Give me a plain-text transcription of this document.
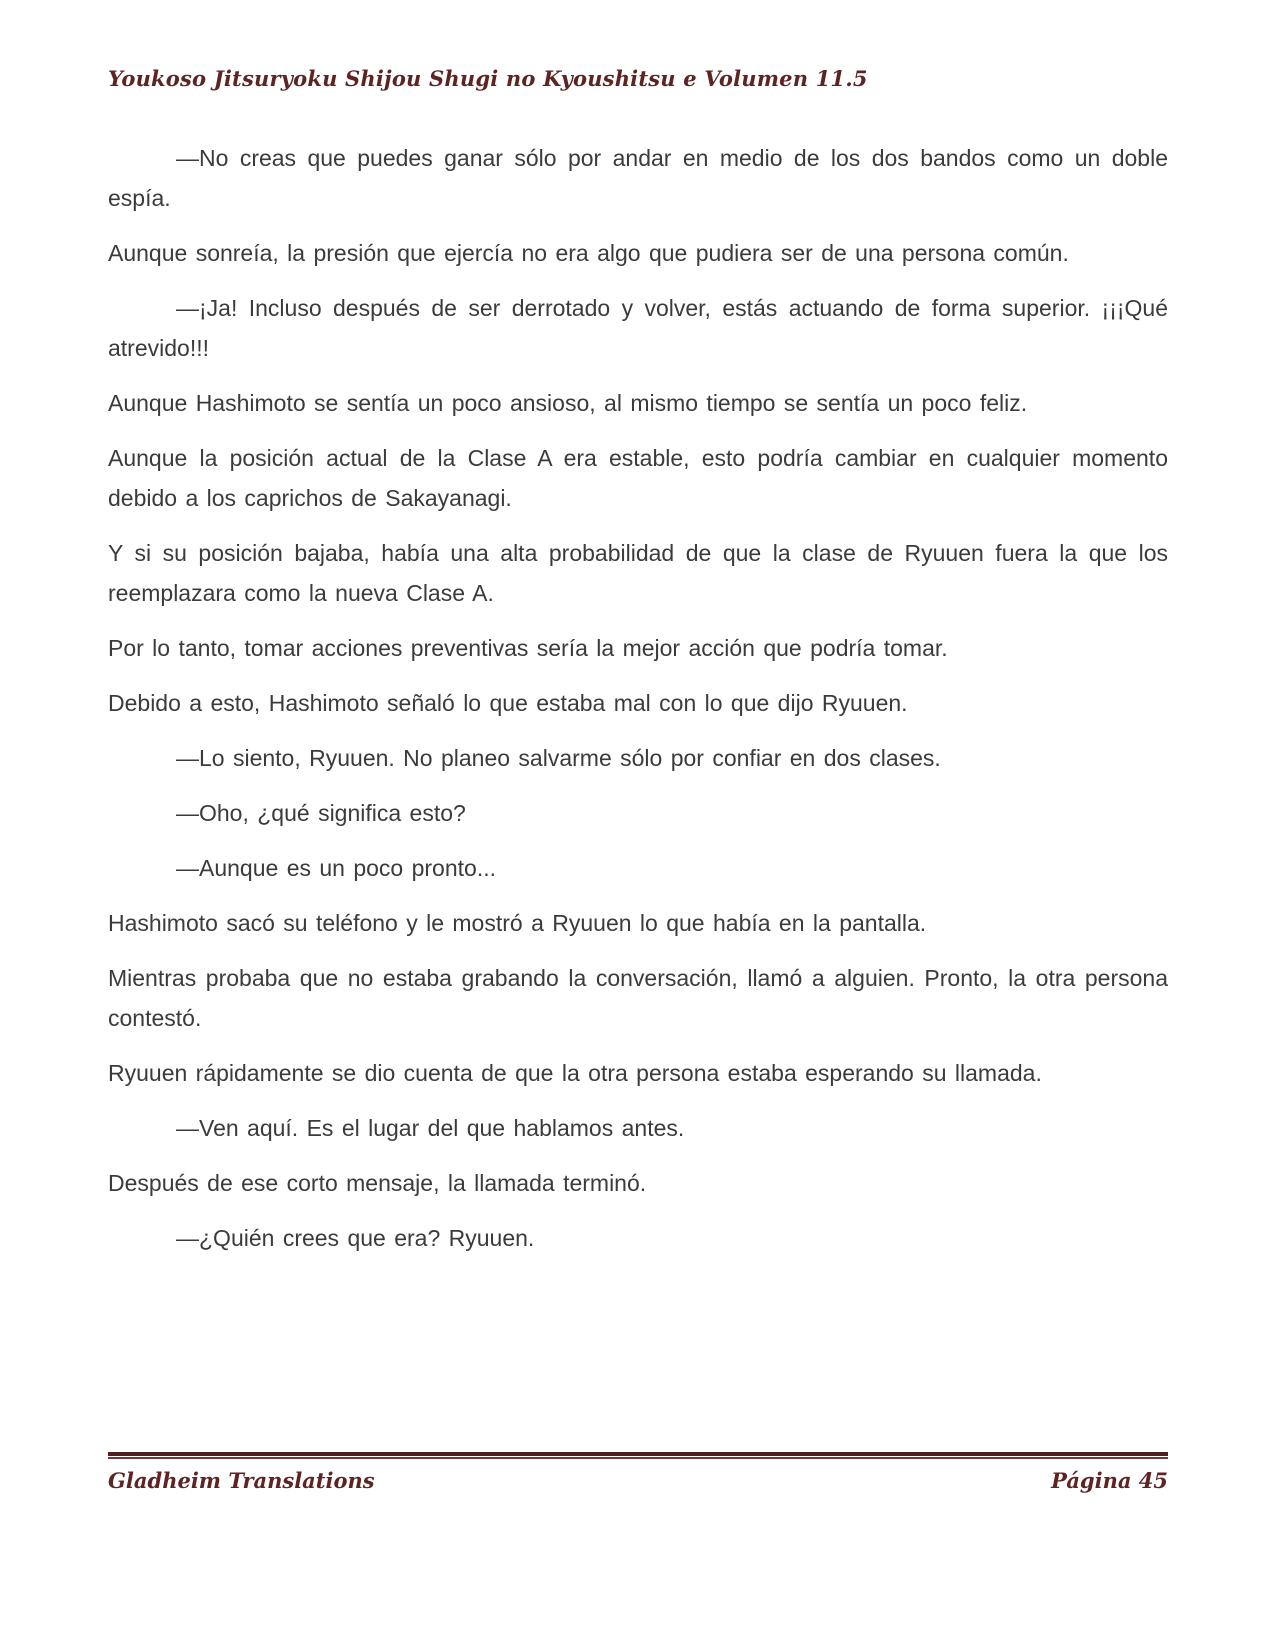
Youkoso Jitsuryoku Shijou Shugi no Kyoushitsu e Volumen 11.5

—No creas que puedes ganar sólo por andar en medio de los dos bandos como un doble espía.

Aunque sonreía, la presión que ejercía no era algo que pudiera ser de una persona común.

—¡Ja! Incluso después de ser derrotado y volver, estás actuando de forma superior. ¡¡¡Qué atrevido!!!

Aunque Hashimoto se sentía un poco ansioso, al mismo tiempo se sentía un poco feliz.

Aunque la posición actual de la Clase A era estable, esto podría cambiar en cualquier momento debido a los caprichos de Sakayanagi.

Y si su posición bajaba, había una alta probabilidad de que la clase de Ryuuen fuera la que los reemplazara como la nueva Clase A.

Por lo tanto, tomar acciones preventivas sería la mejor acción que podría tomar.

Debido a esto, Hashimoto señaló lo que estaba mal con lo que dijo Ryuuen.

—Lo siento, Ryuuen. No planeo salvarme sólo por confiar en dos clases.

—Oho, ¿qué significa esto?

—Aunque es un poco pronto...

Hashimoto sacó su teléfono y le mostró a Ryuuen lo que había en la pantalla.

Mientras probaba que no estaba grabando la conversación, llamó a alguien. Pronto, la otra persona contestó.

Ryuuen rápidamente se dio cuenta de que la otra persona estaba esperando su llamada.

—Ven aquí. Es el lugar del que hablamos antes.

Después de ese corto mensaje, la llamada terminó.

—¿Quién crees que era? Ryuuen.

Gladheim Translations	Página 45
